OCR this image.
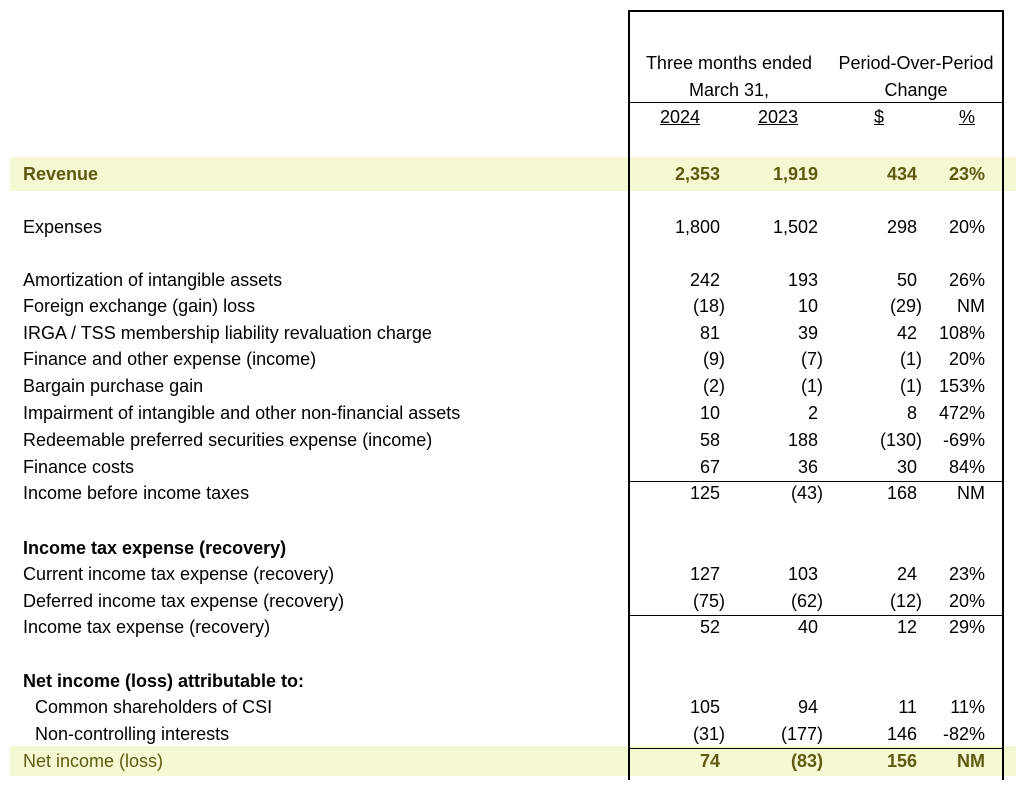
Three months ended
March 31,
Period-Over-Period
Change
2024	2023	$	%
Revenue	2,353	1,919	434 23%
Expenses	1,800	1,502	298 20%
Amortization of intangible assets	242	193	50 26%
Foreign exchange (gain) loss	(18)	10	(29) NM
IRGA / TSS membership liability revaluation charge	81	39	42 108%
Finance and other expense (income)	(9)	(7)	(1) 20%
Bargain purchase gain	(2)	(1)	(1) 153%
Impairment of intangible and other non-financial assets	10	2	8 472%
Redeemable preferred securities expense (income)	58	188	(130) -69%
Finance costs	67	36	30 84%
Income before income taxes	125	(43)	168 NM
Income tax expense (recovery)
Current income tax expense (recovery)	127	103	24 23%
Deferred income tax expense (recovery)	(75)	(62)	(12) 20%
Income tax expense (recovery)	52	40	12 29%
Net income (loss) attributable to:
Common shareholders of CSI	105	94	11 11%
Non-controlling interests	(31)	(177)	146 -82%
Net income (loss)	74	(83)	156 NM
